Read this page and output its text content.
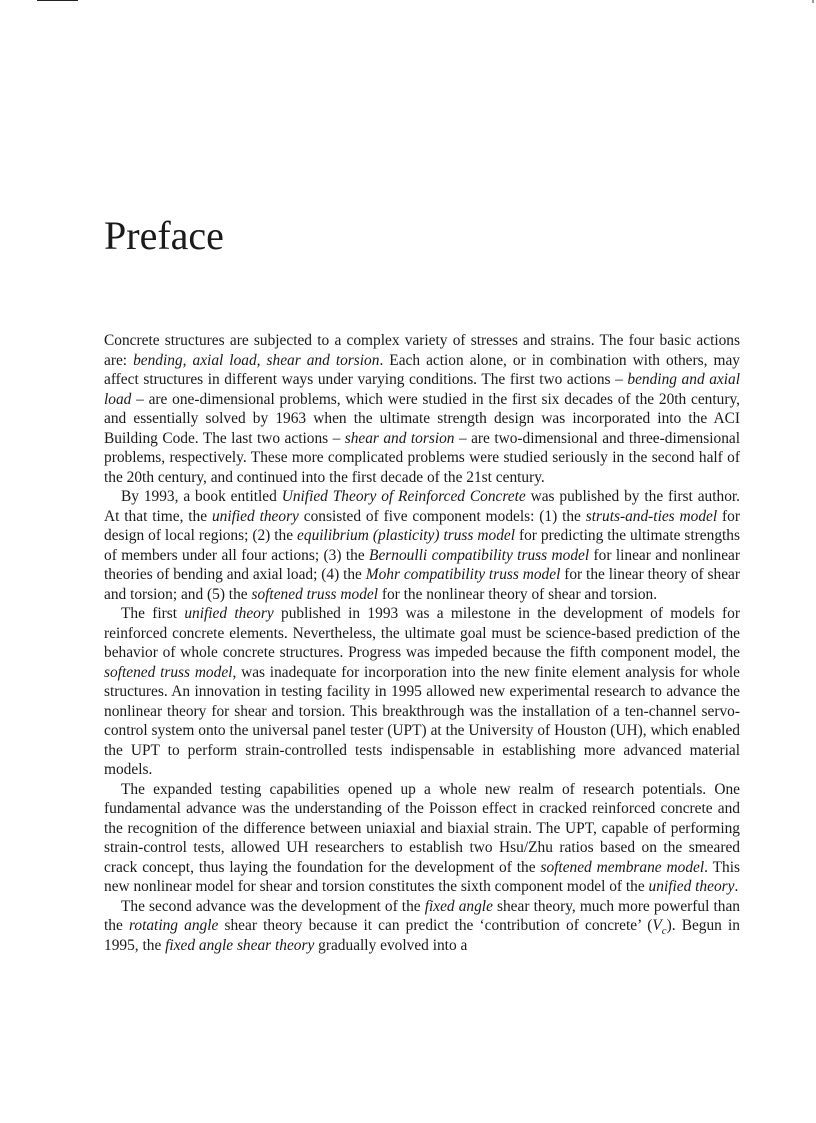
Preface

Concrete structures are subjected to a complex variety of stresses and strains. The four basic actions are: bending, axial load, shear and torsion. Each action alone, or in combination with others, may affect structures in different ways under varying conditions. The first two actions – bending and axial load – are one-dimensional problems, which were studied in the first six decades of the 20th century, and essentially solved by 1963 when the ultimate strength design was incorporated into the ACI Building Code. The last two actions – shear and torsion – are two-dimensional and three-dimensional problems, respectively. These more complicated problems were studied seriously in the second half of the 20th century, and continued into the first decade of the 21st century.

By 1993, a book entitled Unified Theory of Reinforced Concrete was published by the first author. At that time, the unified theory consisted of five component models: (1) the struts-and-ties model for design of local regions; (2) the equilibrium (plasticity) truss model for predicting the ultimate strengths of members under all four actions; (3) the Bernoulli compatibility truss model for linear and nonlinear theories of bending and axial load; (4) the Mohr compatibility truss model for the linear theory of shear and torsion; and (5) the softened truss model for the nonlinear theory of shear and torsion.

The first unified theory published in 1993 was a milestone in the development of models for reinforced concrete elements. Nevertheless, the ultimate goal must be science-based prediction of the behavior of whole concrete structures. Progress was impeded because the fifth component model, the softened truss model, was inadequate for incorporation into the new finite element analysis for whole structures. An innovation in testing facility in 1995 allowed new experimental research to advance the nonlinear theory for shear and torsion. This breakthrough was the installation of a ten-channel servo-control system onto the universal panel tester (UPT) at the University of Houston (UH), which enabled the UPT to perform strain-controlled tests indispensable in establishing more advanced material models.

The expanded testing capabilities opened up a whole new realm of research potentials. One fundamental advance was the understanding of the Poisson effect in cracked reinforced concrete and the recognition of the difference between uniaxial and biaxial strain. The UPT, capable of performing strain-control tests, allowed UH researchers to establish two Hsu/Zhu ratios based on the smeared crack concept, thus laying the foundation for the development of the softened membrane model. This new nonlinear model for shear and torsion constitutes the sixth component model of the unified theory.

The second advance was the development of the fixed angle shear theory, much more powerful than the rotating angle shear theory because it can predict the ‘contribution of concrete’ $(V_c)$. Begun in 1995, the fixed angle shear theory gradually evolved into a
